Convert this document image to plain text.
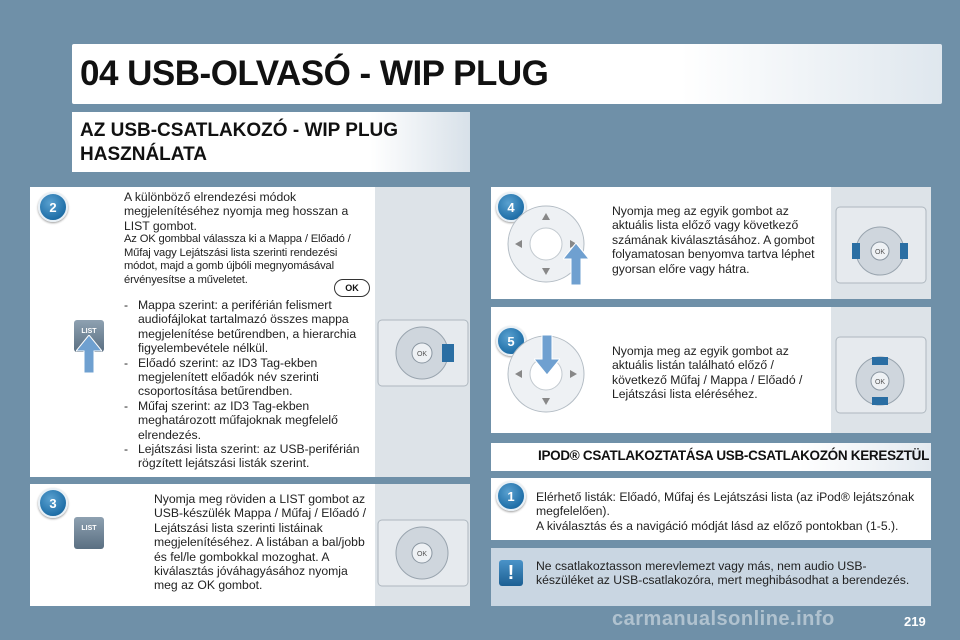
04 USB-OLVASÓ - WIP PLUG
AZ USB-CSATLAKOZÓ - WIP PLUG
HASZNÁLATA
2
A különböző elrendezési módok megjelenítéséhez nyomja meg hosszan a LIST gombot.
Az OK gombbal válassza ki a Mappa / Előadó / Műfaj vagy Lejátszási lista szerinti rendezési módot, majd a gomb újbóli megnyomásával érvényesítse a műveletet.
OK
- Mappa szerint: a periférián felismert audiofájlokat tartalmazó összes mappa megjelenítése betűrendben, a hierarchia figyelembevétele nélkül.
- Előadó szerint: az ID3 Tag-ekben megjelenített előadók név szerinti csoportosítása betűrendben.
- Műfaj szerint: az ID3 Tag-ekben meghatározott műfajoknak megfelelő elrendezés.
- Lejátszási lista szerint: az USB-periférián rögzített lejátszási listák szerint.
LIST
OK
3	Nyomja meg röviden a LIST gombot az USB-készülék Mappa / Műfaj / Előadó / Lejátszási lista szerinti listáinak megjelenítéséhez. A listában a bal/jobb és fel/le gombokkal mozoghat. A kiválasztás jóváhagyásához nyomja meg az OK gombot.
LIST
OK
4	Nyomja meg az egyik gombot az aktuális lista előző vagy következő számának kiválasztásához. A gombot folyamatosan benyomva tartva léphet gyorsan előre vagy hátra.
OK
5
Nyomja meg az egyik gombot az aktuális listán található előző / következő Műfaj / Mappa / Előadó / Lejátszási lista eléréséhez.
OK
IPOD® CSATLAKOZTATÁSA USB-CSATLAKOZÓN KERESZTÜL
1	Elérhető listák: Előadó, Műfaj és Lejátszási lista (az iPod® lejátszónak megfelelően).
A kiválasztás és a navigáció módját lásd az előző pontokban (1-5.).
!	Ne csatlakoztasson merevlemezt vagy más, nem audio USB-készüléket az USB-csatlakozóra, mert meghibásodhat a berendezés.
carmanualsonline.info	219
